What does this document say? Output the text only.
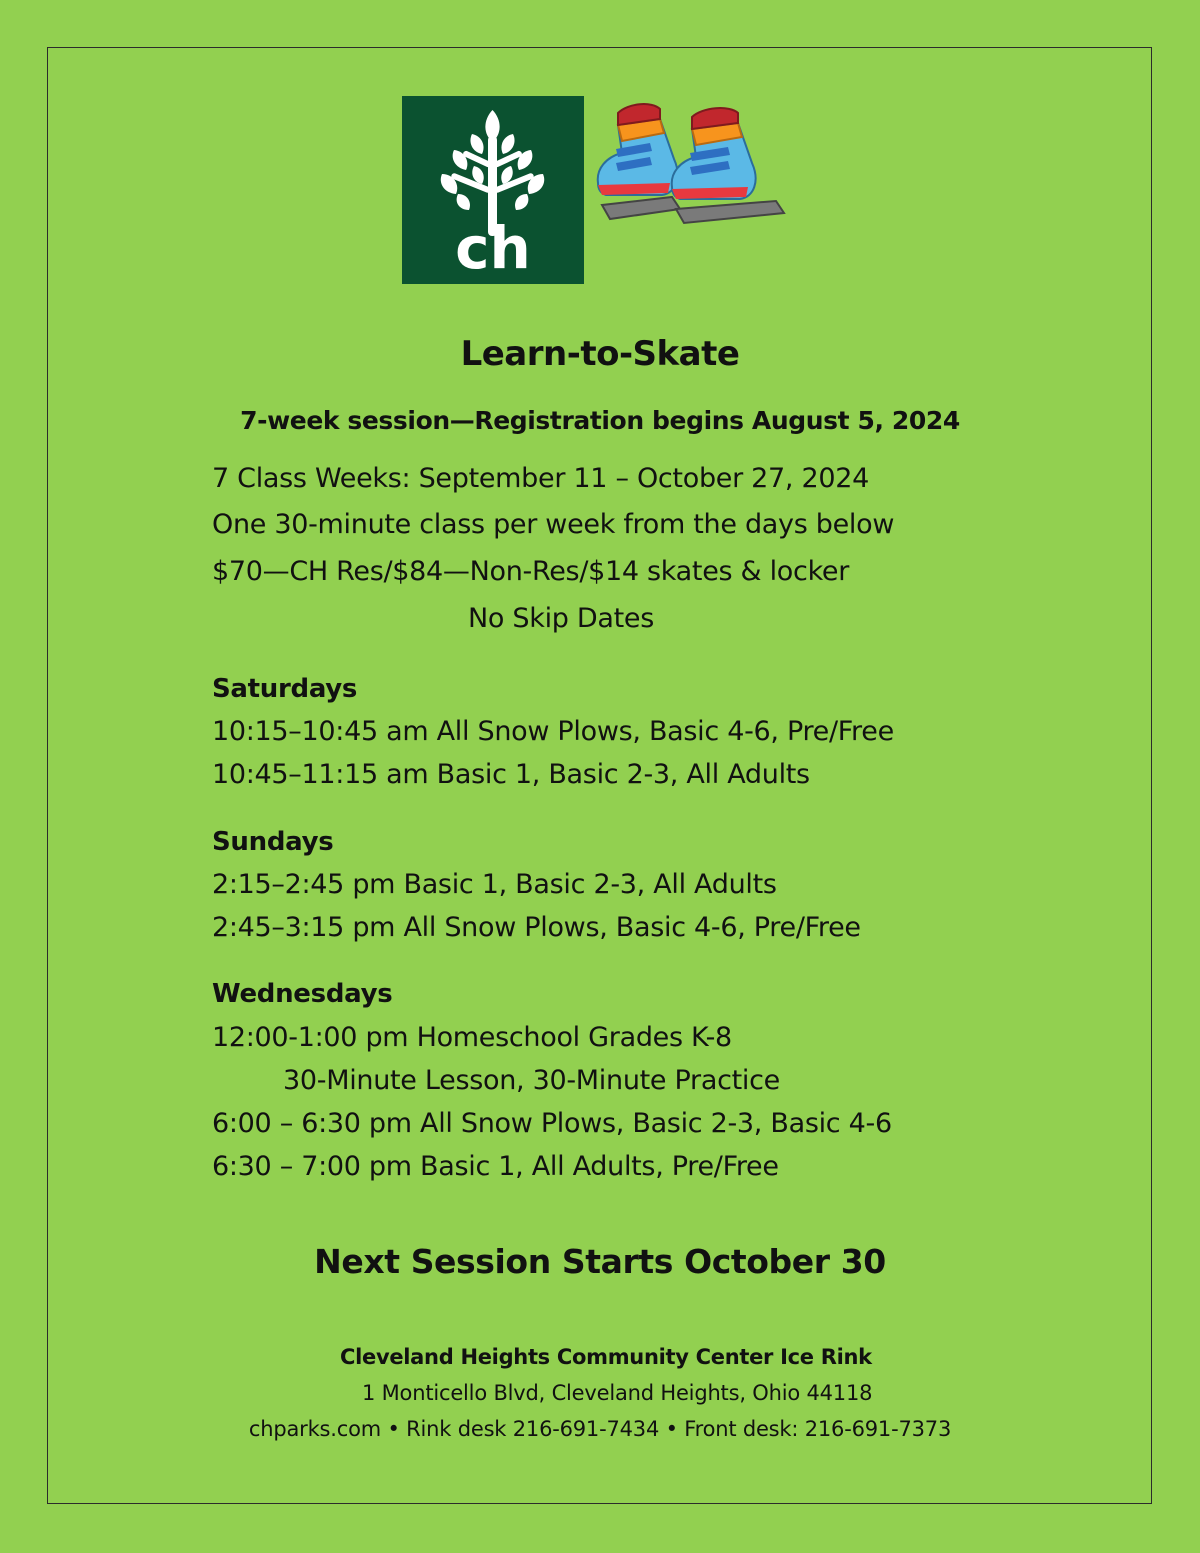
ch
Learn-to-Skate
7-week session—Registration begins August 5, 2024
7 Class Weeks: September 11 – October 27, 2024
One 30-minute class per week from the days below
$70—CH Res/$84—Non-Res/$14 skates & locker
No Skip Dates
Saturdays
10:15–10:45 am All Snow Plows, Basic 4-6, Pre/Free
10:45–11:15 am Basic 1, Basic 2-3, All Adults
Sundays
2:15–2:45 pm Basic 1, Basic 2-3, All Adults
2:45–3:15 pm All Snow Plows, Basic 4-6, Pre/Free
Wednesdays
12:00-1:00 pm Homeschool Grades K-8
30-Minute Lesson, 30-Minute Practice
6:00 – 6:30 pm All Snow Plows, Basic 2-3, Basic 4-6
6:30 – 7:00 pm Basic 1, All Adults, Pre/Free
Next Session Starts October 30
Cleveland Heights Community Center Ice Rink
1 Monticello Blvd, Cleveland Heights, Ohio 44118
chparks.com • Rink desk 216-691-7434 • Front desk: 216-691-7373
